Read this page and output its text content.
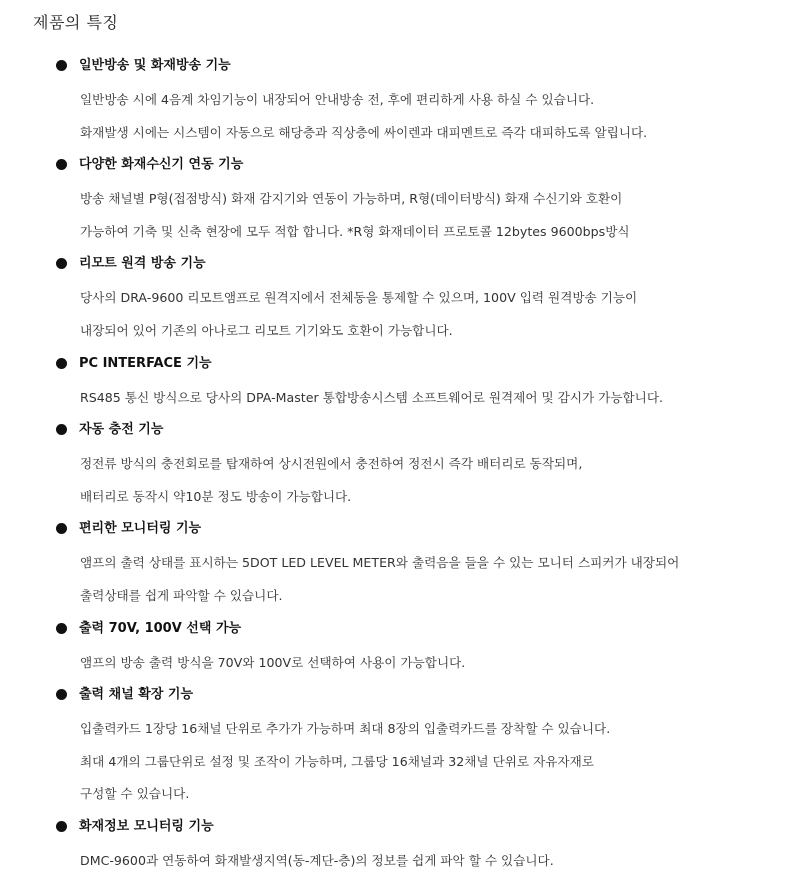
제품의 특징
일반방송 및 화재방송 기능
일반방송 시에 4음계 차임기능이 내장되어 안내방송 전, 후에 편리하게 사용 하실 수 있습니다.
화재발생 시에는 시스템이 자동으로 해당층과 직상층에 싸이렌과 대피멘트로 즉각 대피하도록 알립니다.
다양한 화재수신기 연동 기능
방송 채널별 P형(접점방식) 화재 감지기와 연동이 가능하며, R형(데이터방식) 화재 수신기와 호환이
가능하여 기축 및 신축 현장에 모두 적합 합니다. *R형 화재데이터 프로토콜 12bytes 9600bps방식
리모트 원격 방송 기능
당사의 DRA-9600 리모트앰프로 원격지에서 전체동을 통제할 수 있으며, 100V 입력 원격방송 기능이
내장되어 있어 기존의 아나로그 리모트 기기와도 호환이 가능합니다.
PC INTERFACE 기능
RS485 통신 방식으로 당사의 DPA-Master 통합방송시스템 소프트웨어로 원격제어 및 감시가 가능합니다.
자동 충전 기능
정전류 방식의 충전회로를 탑재하여 상시전원에서 충전하여 정전시 즉각 배터리로 동작되며,
배터리로 동작시 약10분 정도 방송이 가능합니다.
편리한 모니터링 기능
앰프의 출력 상태를 표시하는 5DOT LED LEVEL METER와 출력음을 들을 수 있는 모니터 스피커가 내장되어
출력상태를 쉽게 파악할 수 있습니다.
출력 70V, 100V 선택 가능
앰프의 방송 출력 방식을 70V와 100V로 선택하여 사용이 가능합니다.
출력 채널 확장 기능
입출력카드 1장당 16채널 단위로 추가가 가능하며 최대 8장의 입출력카드를 장착할 수 있습니다.
최대 4개의 그룹단위로 설정 및 조작이 가능하며, 그룹당 16채널과 32채널 단위로 자유자재로
구성할 수 있습니다.
화재정보 모니터링 기능
DMC-9600과 연동하여 화재발생지역(동-계단-층)의 정보를 쉽게 파악 할 수 있습니다.
